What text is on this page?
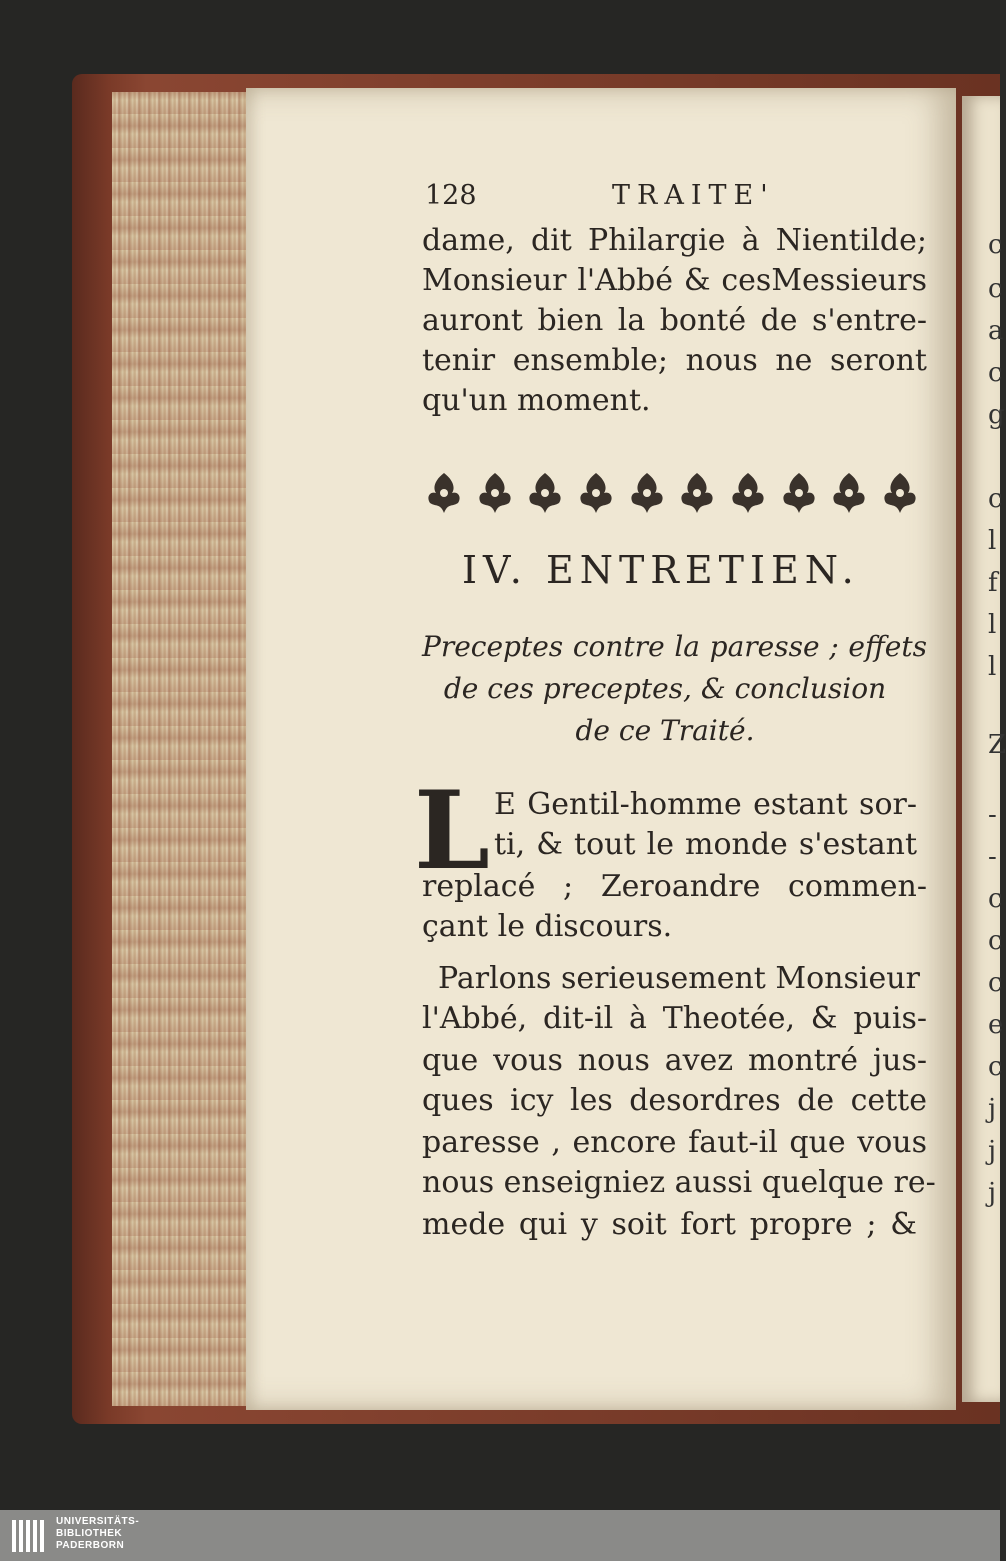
c
c
a
c
g
c
l
f
l
l
Z
-
-
c
c
c
e
c
j
j
j
128	TRAITE'
dame, dit Philargie à Nientilde;
Monsieur l'Abbé & cesMessieurs
auront bien la bonté de s'entre-
tenir ensemble; nous ne seront
qu'un moment.
IV. ENTRETIEN.
Preceptes contre la paresse ; effets
de ces preceptes, & conclusion
de ce Traité.
L E Gentil-homme estant sor-
ti, & tout le monde s'estant
replacé ; Zeroandre commen-
çant le discours.
Parlons serieusement Monsieur
l'Abbé, dit-il à Theotée, & puis-
que vous nous avez montré jus-
ques icy les desordres de cette
paresse , encore faut-il que vous
nous enseigniez aussi quelque re-
mede qui y soit fort propre ; &
UNIVERSITÄTS-
BIBLIOTHEK
PADERBORN
